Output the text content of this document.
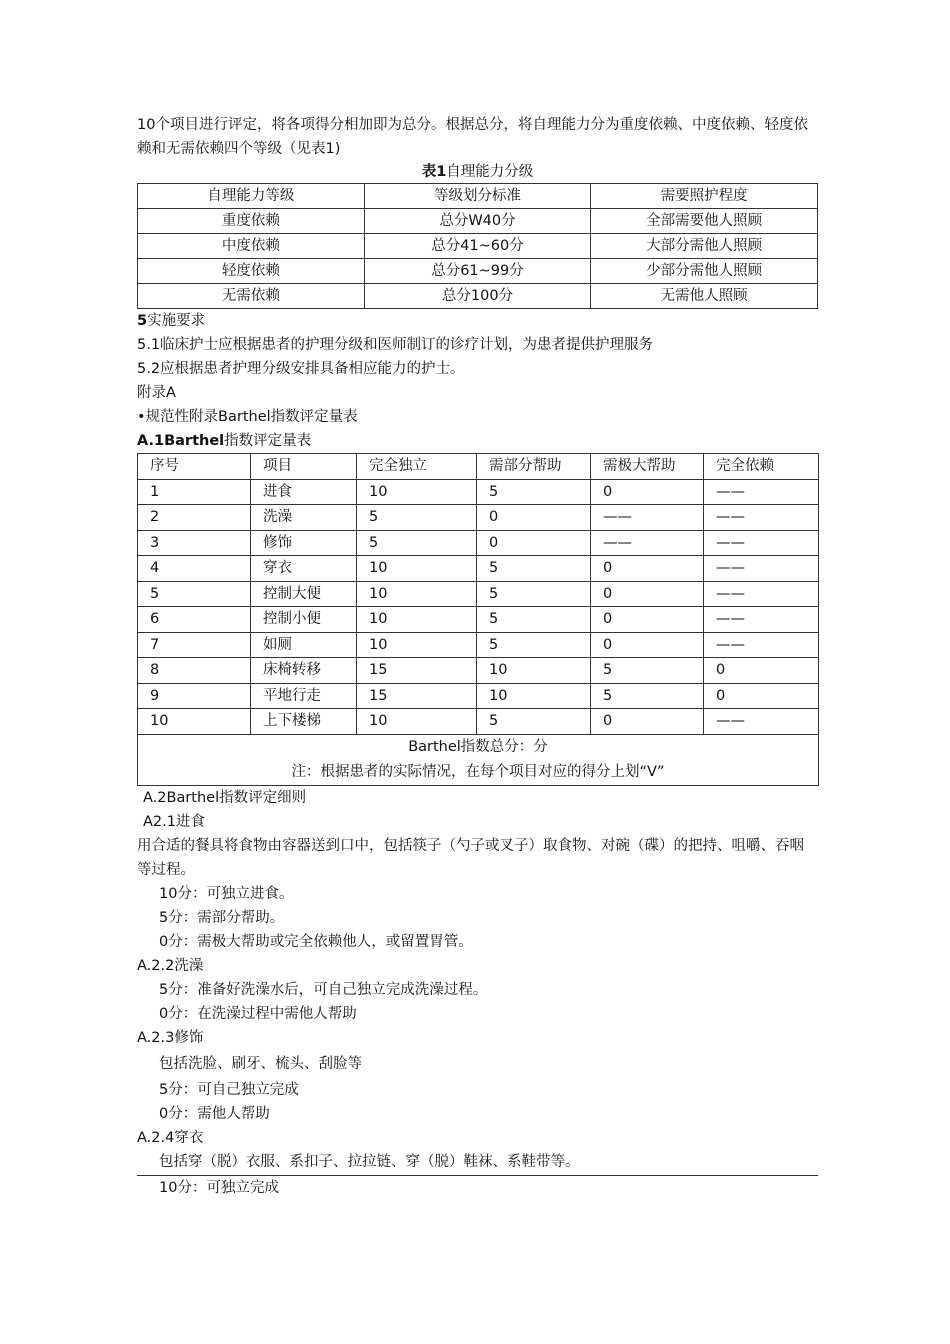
10个项目进行评定，将各项得分相加即为总分。根据总分，将自理能力分为重度依赖、中度依赖、轻度依赖和无需依赖四个等级（见表1)

表1自理能力分级

自理能力等级	等级划分标准	需要照护程度
重度依赖	总分W40分	全部需要他人照顾
中度依赖	总分41~60分	大部分需他人照顾
轻度依赖	总分61~99分	少部分需他人照顾
无需依赖	总分100分	无需他人照顾

5实施要求

5.1临床护士应根据患者的护理分级和医师制订的诊疗计划，为患者提供护理服务

5.2应根据患者护理分级安排具备相应能力的护士。

附录A

•规范性附录Barthel指数评定量表

A.1Barthel指数评定量表

序号	项目	完全独立	需部分帮助	需极大帮助	完全依赖
1	进食	10	5	0	——
2	洗澡	5	0	——	——
3	修饰	5	0	——	——
4	穿衣	10	5	0	——
5	控制大便	10	5	0	——
6	控制小便	10	5	0	——
7	如厕	10	5	0	——
8	床椅转移	15	10	5	0
9	平地行走	15	10	5	0
10	上下楼梯	10	5	0	——

Barthel指数总分：分
注：根据患者的实际情况，在每个项目对应的得分上划“V”					

A.2Barthel指数评定细则

A2.1进食

用合适的餐具将食物由容器送到口中，包括筷子（勺子或叉子）取食物、对碗（碟）的把持、咀嚼、吞咽等过程。

10分：可独立进食。

5分：需部分帮助。

0分：需极大帮助或完全依赖他人，或留置胃管。

A.2.2洗澡

5分：准备好洗澡水后，可自己独立完成洗澡过程。

0分：在洗澡过程中需他人帮助

A.2.3修饰

包括洗脸、刷牙、梳头、刮脸等

5分：可自己独立完成

0分：需他人帮助

A.2.4穿衣

包括穿（脱）衣服、系扣子、拉拉链、穿（脱）鞋袜、系鞋带等。

10分：可独立完成
